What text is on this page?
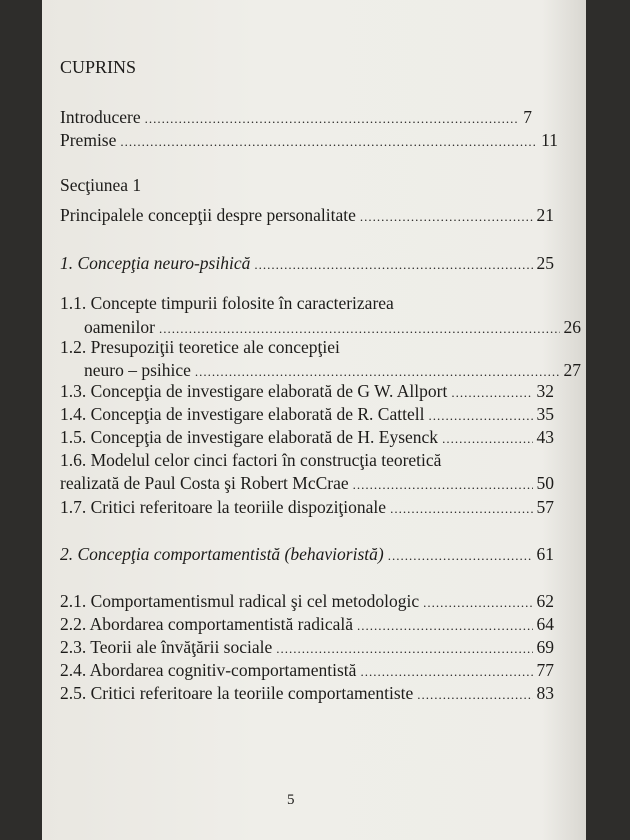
CUPRINS
Introducere .....	7
Premise .....	11
Secţiunea 1
Principalele concepţii despre personalitate .....	21
1. Concepţia neuro-psihică .....	25
1.1. Concepte timpurii folosite în caracterizarea
oamenilor .....	26
1.2. Presupoziţii teoretice ale concepţiei
neuro – psihice .....	27
1.3. Concepţia de investigare elaborată de G W. Allport .....	32
1.4. Concepţia de investigare elaborată de R. Cattell .....	35
1.5. Concepţia de investigare elaborată de H. Eysenck .....	43
1.6. Modelul celor cinci factori în construcţia teoretică
realizată de Paul Costa şi Robert McCrae .....	50
1.7. Critici referitoare la teoriile dispoziţionale .....	57
2. Concepţia comportamentistă (behavioristă) .....	61
2.1. Comportamentismul radical şi cel metodologic .....	62
2.2. Abordarea comportamentistă radicală .....	64
2.3. Teorii ale învăţării sociale .....	69
2.4. Abordarea cognitiv-comportamentistă .....	77
2.5. Critici referitoare la teoriile comportamentiste .....	83
5
